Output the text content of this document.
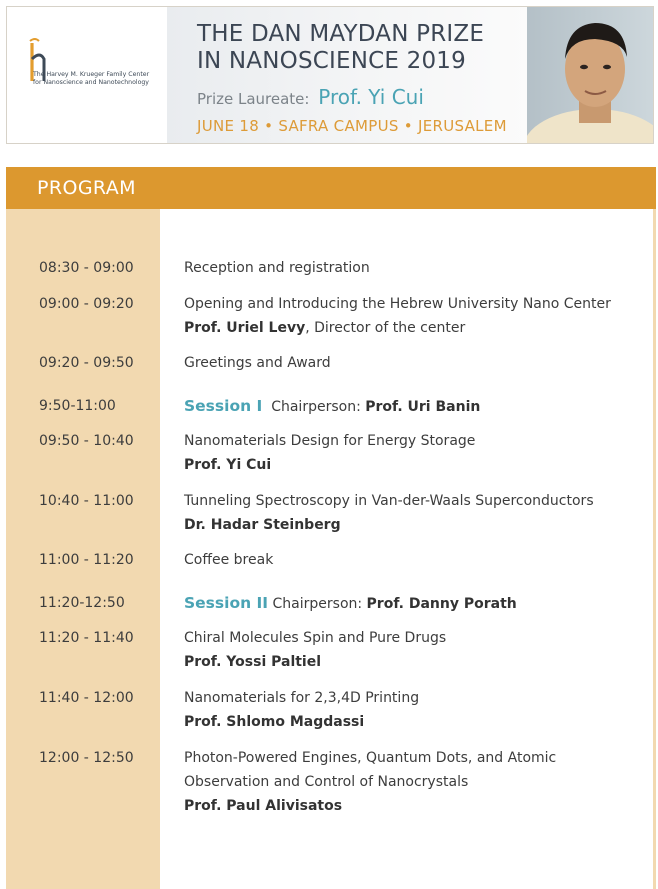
The Harvey M. Krueger Family Center
for Nanoscience and Nanotechnology
THE DAN MAYDAN PRIZE
IN NANOSCIENCE 2019
Prize Laureate: Prof. Yi Cui
JUNE 18 • SAFRA CAMPUS • JERUSALEM
PROGRAM
08:30 - 09:00	Reception and registration
09:00 - 09:20	Opening and Introducing the Hebrew University Nano Center
Prof. Uriel Levy, Director of the center
09:20 - 09:50	Greetings and Award
9:50-11:00	Session I Chairperson: Prof. Uri Banin
09:50 - 10:40	Nanomaterials Design for Energy Storage
Prof. Yi Cui
10:40 - 11:00	Tunneling Spectroscopy in Van-der-Waals Superconductors
Dr. Hadar Steinberg
11:00 - 11:20	Coffee break
11:20-12:50	Session II Chairperson: Prof. Danny Porath
11:20 - 11:40	Chiral Molecules Spin and Pure Drugs
Prof. Yossi Paltiel
11:40 - 12:00	Nanomaterials for 2,3,4D Printing
Prof. Shlomo Magdassi
12:00 - 12:50	Photon-Powered Engines, Quantum Dots, and Atomic
Observation and Control of Nanocrystals
Prof. Paul Alivisatos
